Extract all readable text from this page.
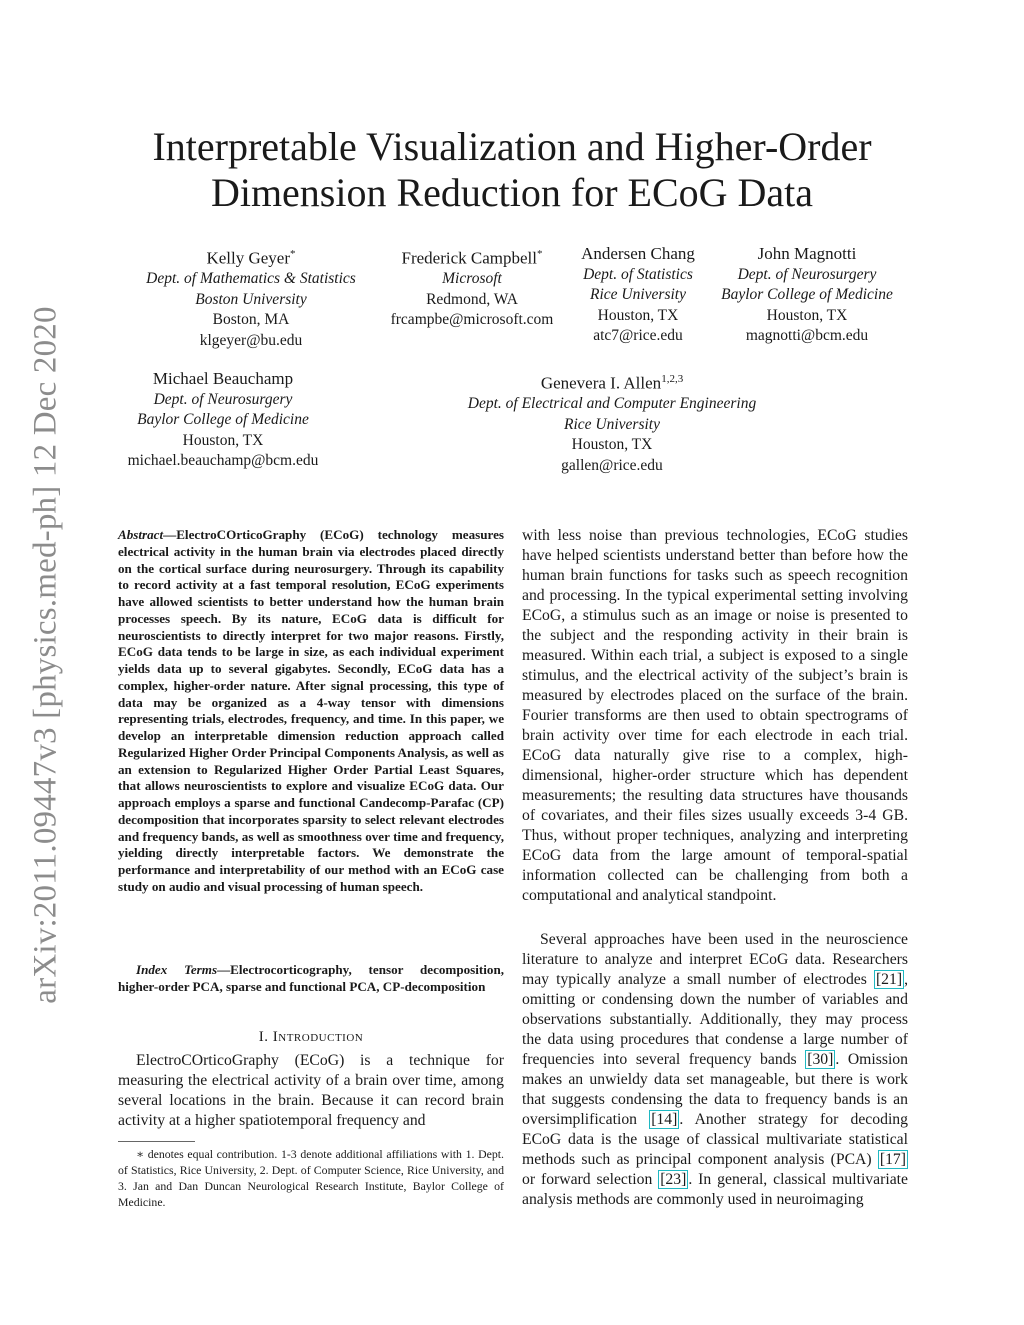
arXiv:2011.09447v3 [physics.med-ph] 12 Dec 2020
Interpretable Visualization and Higher-Order
Dimension Reduction for ECoG Data
Kelly Geyer*
Dept. of Mathematics & Statistics
Boston University
Boston, MA
klgeyer@bu.edu
Frederick Campbell*
Microsoft
Redmond, WA
frcampbe@microsoft.com
Andersen Chang
Dept. of Statistics
Rice University
Houston, TX
atc7@rice.edu
John Magnotti
Dept. of Neurosurgery
Baylor College of Medicine
Houston, TX
magnotti@bcm.edu
Michael Beauchamp
Dept. of Neurosurgery
Baylor College of Medicine
Houston, TX
michael.beauchamp@bcm.edu
Genevera I. Allen$^{1,2,3}$
Dept. of Electrical and Computer Engineering
Rice University
Houston, TX
gallen@rice.edu

Abstract—ElectroCOrticoGraphy (ECoG) technology measures electrical activity in the human brain via electrodes placed directly on the cortical surface during neurosurgery. Through its capability to record activity at a fast temporal resolution, ECoG experiments have allowed scientists to better understand how the human brain processes speech. By its nature, ECoG data is difficult for neuroscientists to directly interpret for two major reasons. Firstly, ECoG data tends to be large in size, as each individual experiment yields data up to several gigabytes. Secondly, ECoG data has a complex, higher-order nature. After signal processing, this type of data may be organized as a 4-way tensor with dimensions representing trials, electrodes, frequency, and time. In this paper, we develop an interpretable dimension reduction approach called Regularized Higher Order Principal Components Analysis, as well as an extension to Regularized Higher Order Partial Least Squares, that allows neuroscientists to explore and visualize ECoG data. Our approach employs a sparse and functional Candecomp-Parafac (CP) decomposition that incorporates sparsity to select relevant electrodes and frequency bands, as well as smoothness over time and frequency, yielding directly interpretable factors. We demonstrate the performance and interpretability of our method with an ECoG case study on audio and visual processing of human speech.

Index Terms—Electrocorticography, tensor decomposition, higher-order PCA, sparse and functional PCA, CP-decomposition

I. Introduction

ElectroCOrticoGraphy (ECoG) is a technique for measuring the electrical activity of a brain over time, among several locations in the brain. Because it can record brain activity at a higher spatiotemporal frequency and

∗ denotes equal contribution. 1-3 denote additional affiliations with 1. Dept. of Statistics, Rice University, 2. Dept. of Computer Science, Rice University, and 3. Jan and Dan Duncan Neurological Research Institute, Baylor College of Medicine.

with less noise than previous technologies, ECoG studies have helped scientists understand better than before how the human brain functions for tasks such as speech recognition and processing. In the typical experimental setting involving ECoG, a stimulus such as an image or noise is presented to the subject and the responding activity in their brain is measured. Within each trial, a subject is exposed to a single stimulus, and the electrical activity of the subject’s brain is measured by electrodes placed on the surface of the brain. Fourier transforms are then used to obtain spectrograms of brain activity over time for each electrode in each trial. ECoG data naturally give rise to a complex, high-dimensional, higher-order structure which has dependent measurements; the resulting data structures have thousands of covariates, and their files sizes usually exceeds 3-4 GB. Thus, without proper techniques, analyzing and interpreting ECoG data from the large amount of temporal-spatial information collected can be challenging from both a computational and analytical standpoint.

Several approaches have been used in the neuroscience literature to analyze and interpret ECoG data. Researchers may typically analyze a small number of electrodes [21] , omitting or condensing down the number of variables and observations substantially. Additionally, they may process the data using procedures that condense a large number of frequencies into several frequency bands [30] . Omission makes an unwieldy data set manageable, but there is work that suggests condensing the data to frequency bands is an oversimplification [14] . Another strategy for decoding ECoG data is the usage of classical multivariate statistical methods such as principal component analysis (PCA) [17] or forward selection [23] . In general, classical multivariate analysis methods are commonly used in neuroimaging
